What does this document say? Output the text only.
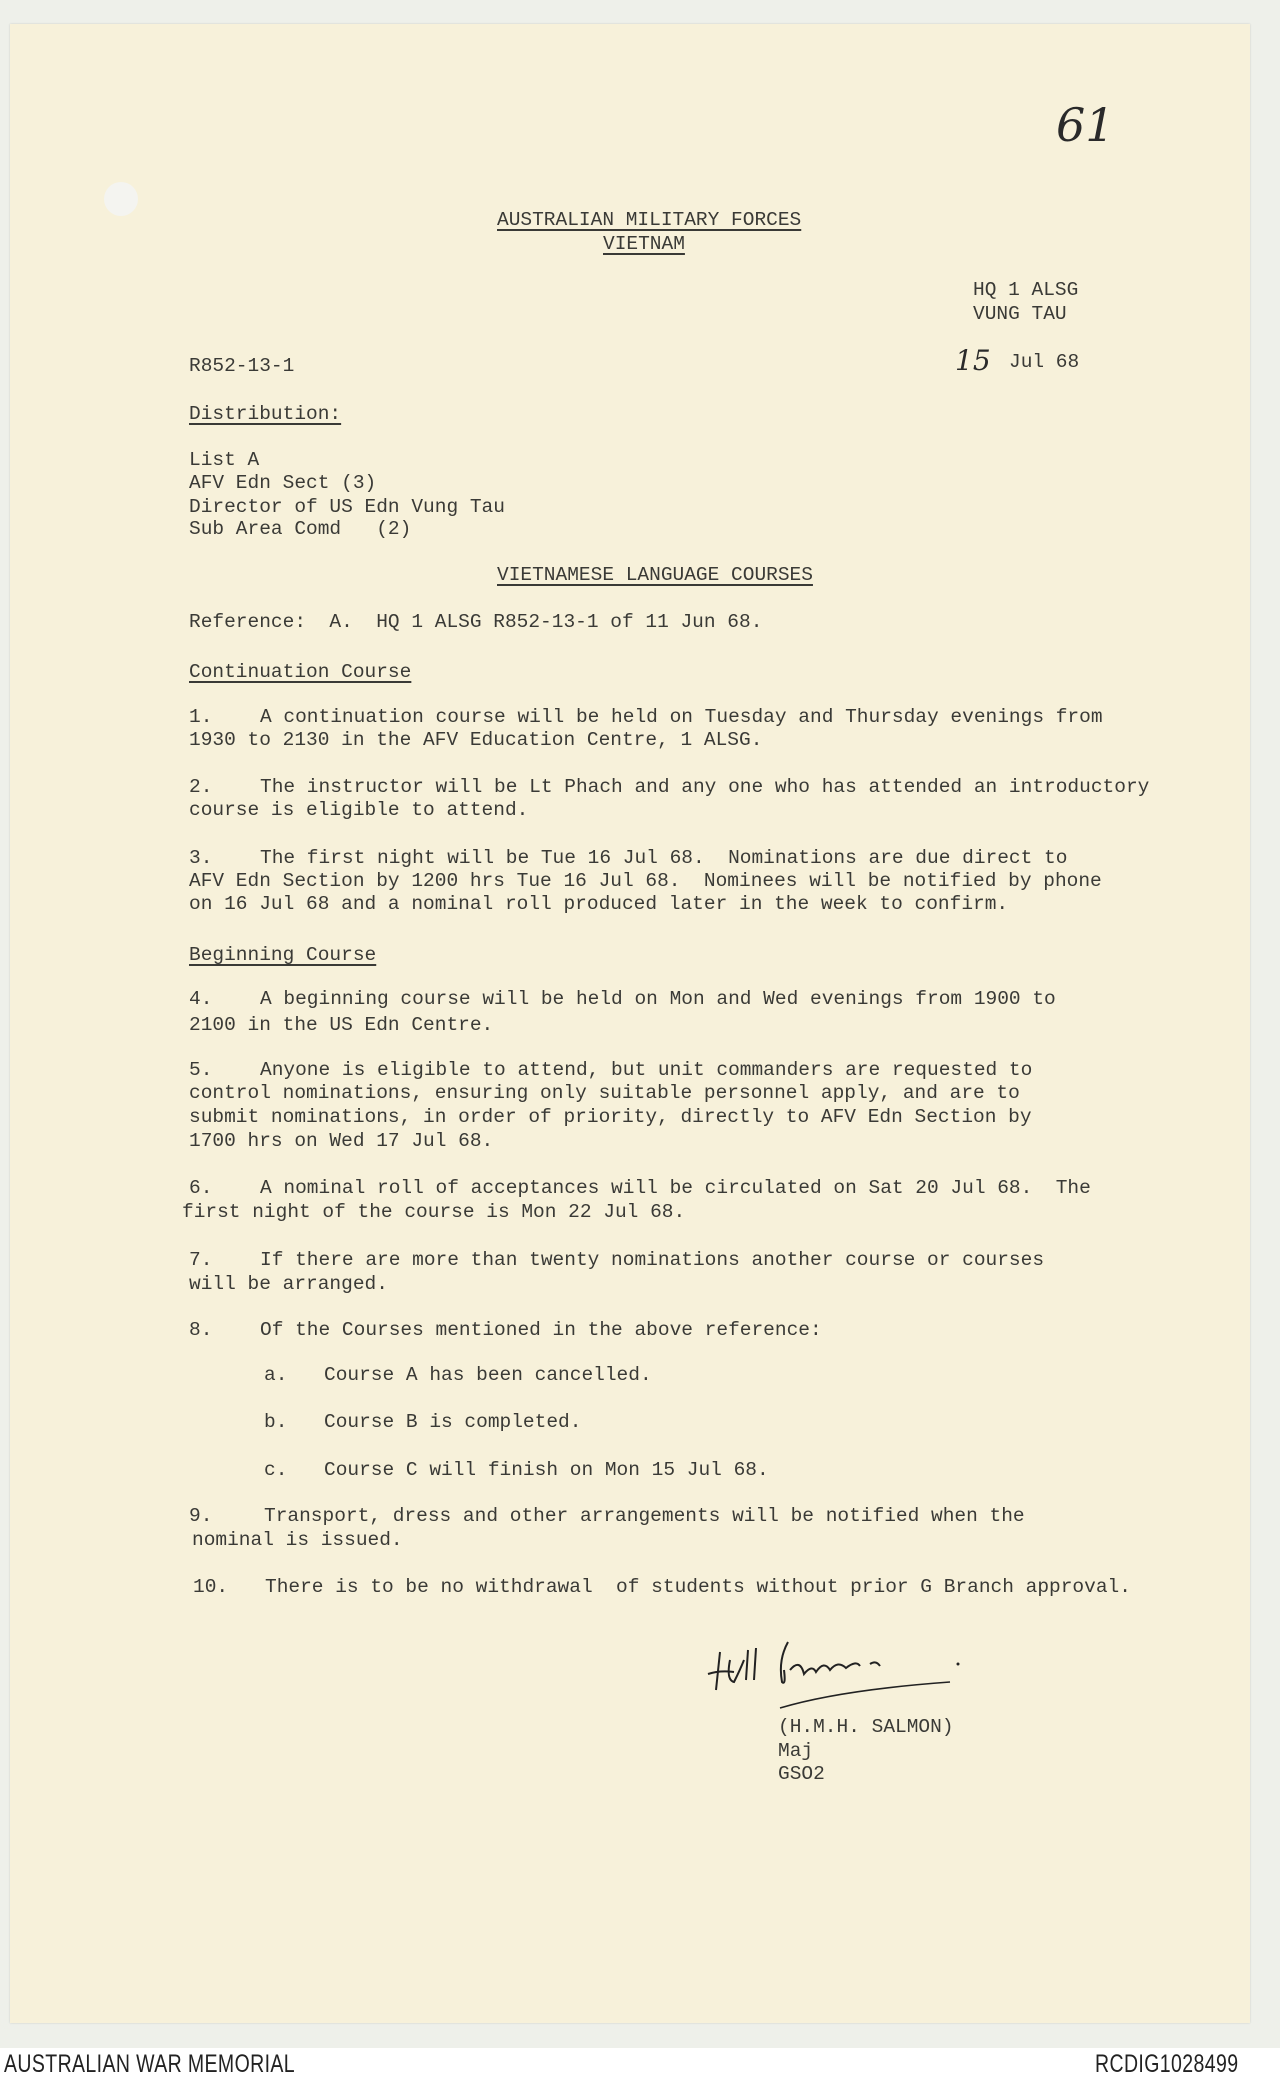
61
AUSTRALIAN MILITARY FORCES
VIETNAM
HQ 1 ALSG
VUNG TAU
15 Jul 68
R852-13-1
Distribution:
List A
AFV Edn Sect (3)
Director of US Edn Vung Tau
Sub Area Comd   (2)
VIETNAMESE LANGUAGE COURSES
Reference:  A.  HQ 1 ALSG R852-13-1 of 11 Jun 68.
Continuation Course
1. A continuation course will be held on Tuesday and Thursday evenings from
1930 to 2130 in the AFV Education Centre, 1 ALSG.
2. The instructor will be Lt Phach and any one who has attended an introductory
course is eligible to attend.
3. The first night will be Tue 16 Jul 68.  Nominations are due direct to
AFV Edn Section by 1200 hrs Tue 16 Jul 68.  Nominees will be notified by phone
on 16 Jul 68 and a nominal roll produced later in the week to confirm.
Beginning Course
4. A beginning course will be held on Mon and Wed evenings from 1900 to
2100 in the US Edn Centre.
5. Anyone is eligible to attend, but unit commanders are requested to
control nominations, ensuring only suitable personnel apply, and are to
submit nominations, in order of priority, directly to AFV Edn Section by
1700 hrs on Wed 17 Jul 68.
6. A nominal roll of acceptances will be circulated on Sat 20 Jul 68.  The
first night of the course is Mon 22 Jul 68.
7. If there are more than twenty nominations another course or courses
will be arranged.
8. Of the Courses mentioned in the above reference:
a. Course A has been cancelled.
b. Course B is completed.
c. Course C will finish on Mon 15 Jul 68.
9.	Transport, dress and other arrangements will be notified when the
nominal is issued.
10. There is to be no withdrawal  of students without prior G Branch approval.
(H.M.H. SALMON)
Maj
GSO2
AUSTRALIAN WAR MEMORIAL	RCDIG1028499
